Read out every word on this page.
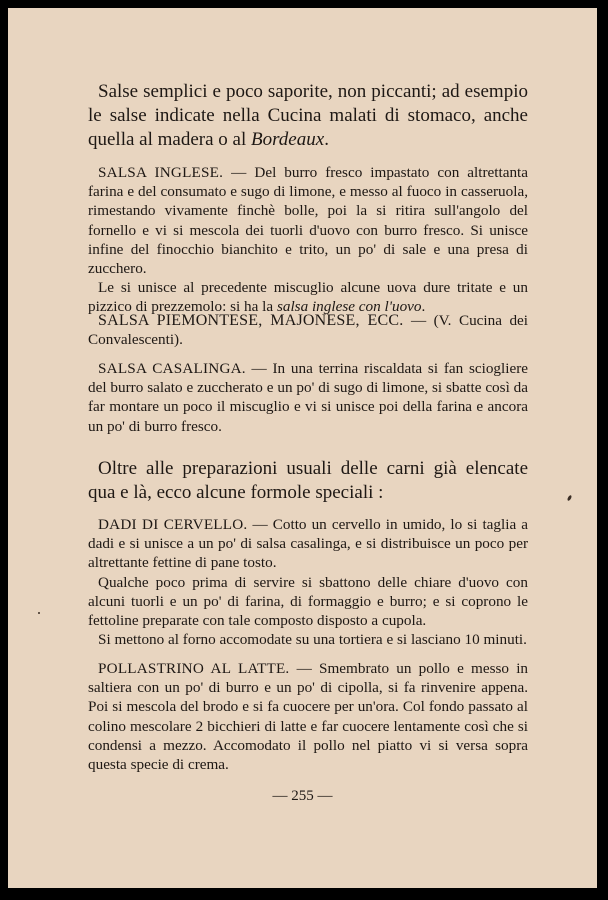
Salse semplici e poco saporite, non piccanti; ad esempio le salse indicate nella Cucina malati di stomaco, anche quella al madera o al Bordeaux.

SALSA INGLESE. — Del burro fresco impastato con altrettanta farina e del consumato e sugo di limone, e messo al fuoco in casseruola, rimestando vivamente finchè bolle, poi la si ritira sull'angolo del fornello e vi si mescola dei tuorli d'uovo con burro fresco. Si unisce infine del finocchio bianchito e trito, un po' di sale e una presa di zucchero.

Le si unisce al precedente miscuglio alcune uova dure tritate e un pizzico di prezzemolo: si ha la salsa inglese con l'uovo.

SALSA PIEMONTESE, MAJONESE, ECC. — (V. Cucina dei Convalescenti).

SALSA CASALINGA. — In una terrina riscaldata si fan sciogliere del burro salato e zuccherato e un po' di sugo di limone, si sbatte così da far montare un poco il miscuglio e vi si unisce poi della farina e ancora un po' di burro fresco.

Oltre alle preparazioni usuali delle carni già elencate qua e là, ecco alcune formole speciali :

DADI DI CERVELLO. — Cotto un cervello in umido, lo si taglia a dadi e si unisce a un po' di salsa casalinga, e si distribuisce un poco per altrettante fettine di pane tosto.

Qualche poco prima di servire si sbattono delle chiare d'uovo con alcuni tuorli e un po' di farina, di formaggio e burro; e si coprono le fettoline preparate con tale composto disposto a cupola.

Si mettono al forno accomodate su una tortiera e si lasciano 10 minuti.

POLLASTRINO AL LATTE. — Smembrato un pollo e messo in saltiera con un po' di burro e un po' di cipolla, si fa rinvenire appena. Poi si mescola del brodo e si fa cuocere per un'ora. Col fondo passato al colino mescolare 2 bicchieri di latte e far cuocere lentamente così che si condensi a mezzo. Accomodato il pollo nel piatto vi si versa sopra questa specie di crema.

— 255 —
